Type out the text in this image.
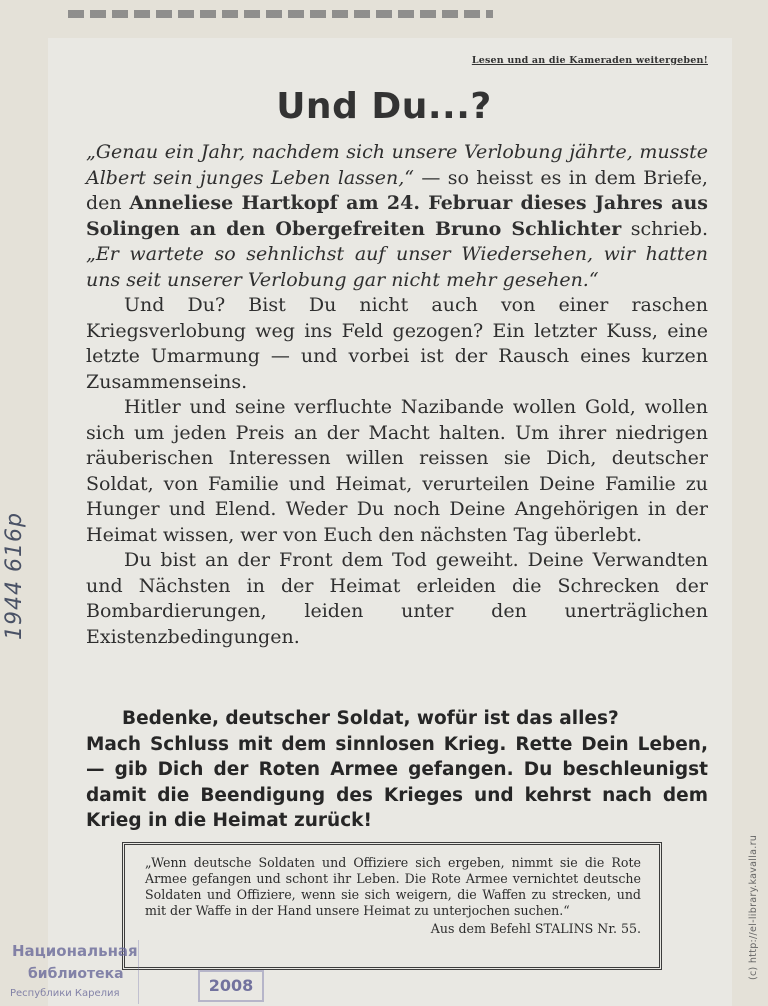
Lesen und an die Kameraden weitergeben!
Und Du...?

„Genau ein Jahr, nachdem sich unsere Verlobung jährte, musste Albert sein junges Leben lassen,“ — so heisst es in dem Briefe, den Anneliese Hartkopf am 24. Februar dieses Jahres aus Solingen an den Obergefreiten Bruno Schlichter schrieb. „Er wartete so sehnlichst auf unser Wiedersehen, wir hatten uns seit unserer Verlobung gar nicht mehr gesehen.“

Und Du? Bist Du nicht auch von einer raschen Kriegsverlobung weg ins Feld gezogen? Ein letzter Kuss, eine letzte Umarmung — und vorbei ist der Rausch eines kurzen Zusammenseins.

Hitler und seine verfluchte Nazibande wollen Gold, wollen sich um jeden Preis an der Macht halten. Um ihrer niedrigen räuberischen Interessen willen reissen sie Dich, deutscher Soldat, von Familie und Heimat, verurteilen Deine Familie zu Hunger und Elend. Weder Du noch Deine Angehörigen in der Heimat wissen, wer von Euch den nächsten Tag überlebt.

Du bist an der Front dem Tod geweiht. Deine Verwandten und Nächsten in der Heimat erleiden die Schrecken der Bombardierungen, leiden unter den unerträglichen Existenzbedingungen.

Bedenke, deutscher Soldat, wofür ist das alles?

Mach Schluss mit dem sinnlosen Krieg. Rette Dein Leben, — gib Dich der Roten Armee gefangen. Du beschleunigst damit die Beendigung des Krieges und kehrst nach dem Krieg in die Heimat zurück!

„Wenn deutsche Soldaten und Offiziere sich ergeben, nimmt sie die Rote Armee gefangen und schont ihr Leben. Die Rote Armee vernichtet deutsche Soldaten und Offiziere, wenn sie sich weigern, die Waffen zu strecken, und mit der Waffe in der Hand unsere Heimat zu unterjochen suchen.“

Aus dem Befehl STALINS Nr. 55.
1944 616р
Национальная
библиотека
Республики Карелия	2008
(c) http://el-library.kavalla.ru
